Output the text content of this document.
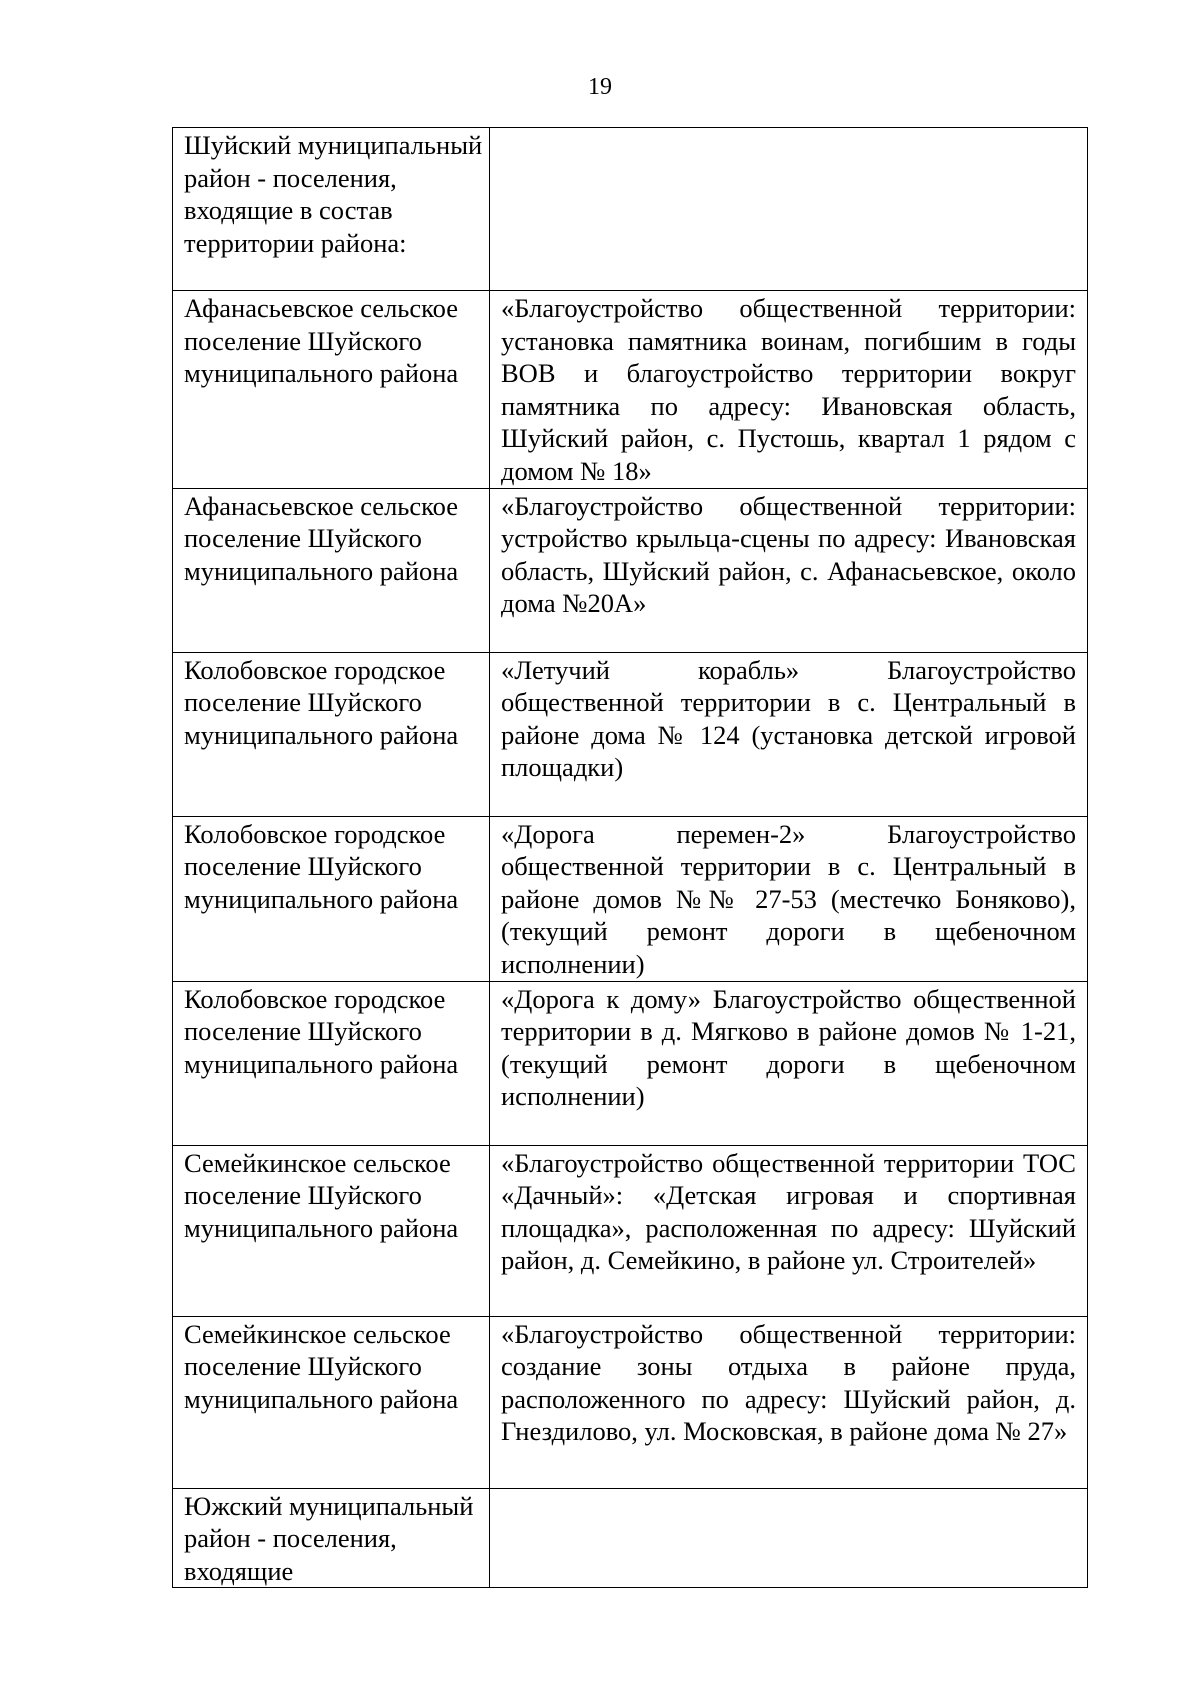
19
Шуйский муниципальный район - поселения, входящие в состав территории района:	
Афанасьевское сельское поселение Шуйского муниципального района	«Благоустройство общественной территории: установка памятника воинам, погибшим в годы ВОВ и благоустройство территории вокруг памятника по адресу: Ивановская область, Шуйский район, с. Пустошь, квартал 1 рядом с домом № 18»
Афанасьевское сельское поселение Шуйского муниципального района	«Благоустройство общественной территории: устройство крыльца-сцены по адресу: Ивановская область, Шуйский район, с. Афанасьевское, около дома №20А»
Колобовское городское поселение Шуйского муниципального района	«Летучий корабль» Благоустройство общественной территории в с. Центральный в районе дома № 124 (установка детской игровой площадки)
Колобовское городское поселение Шуйского муниципального района	«Дорога перемен-2» Благоустройство общественной территории в с. Центральный в районе домов №№ 27-53 (местечко Боняково), (текущий ремонт дороги в щебеночном исполнении)
Колобовское городское поселение Шуйского муниципального района	«Дорога к дому» Благоустройство общественной территории в д. Мягково в районе домов № 1-21, (текущий ремонт дороги в щебеночном исполнении)
Семейкинское сельское поселение Шуйского муниципального района	«Благоустройство общественной территории ТОС «Дачный»: «Детская игровая и спортивная площадка», расположенная по адресу: Шуйский район, д. Семейкино, в районе ул. Строителей»
Семейкинское сельское поселение Шуйского муниципального района	«Благоустройство общественной территории: создание зоны отдыха в районе пруда, расположенного по адресу: Шуйский район, д. Гнездилово, ул. Московская, в районе дома № 27»
Южский муниципальный район - поселения, входящие	
